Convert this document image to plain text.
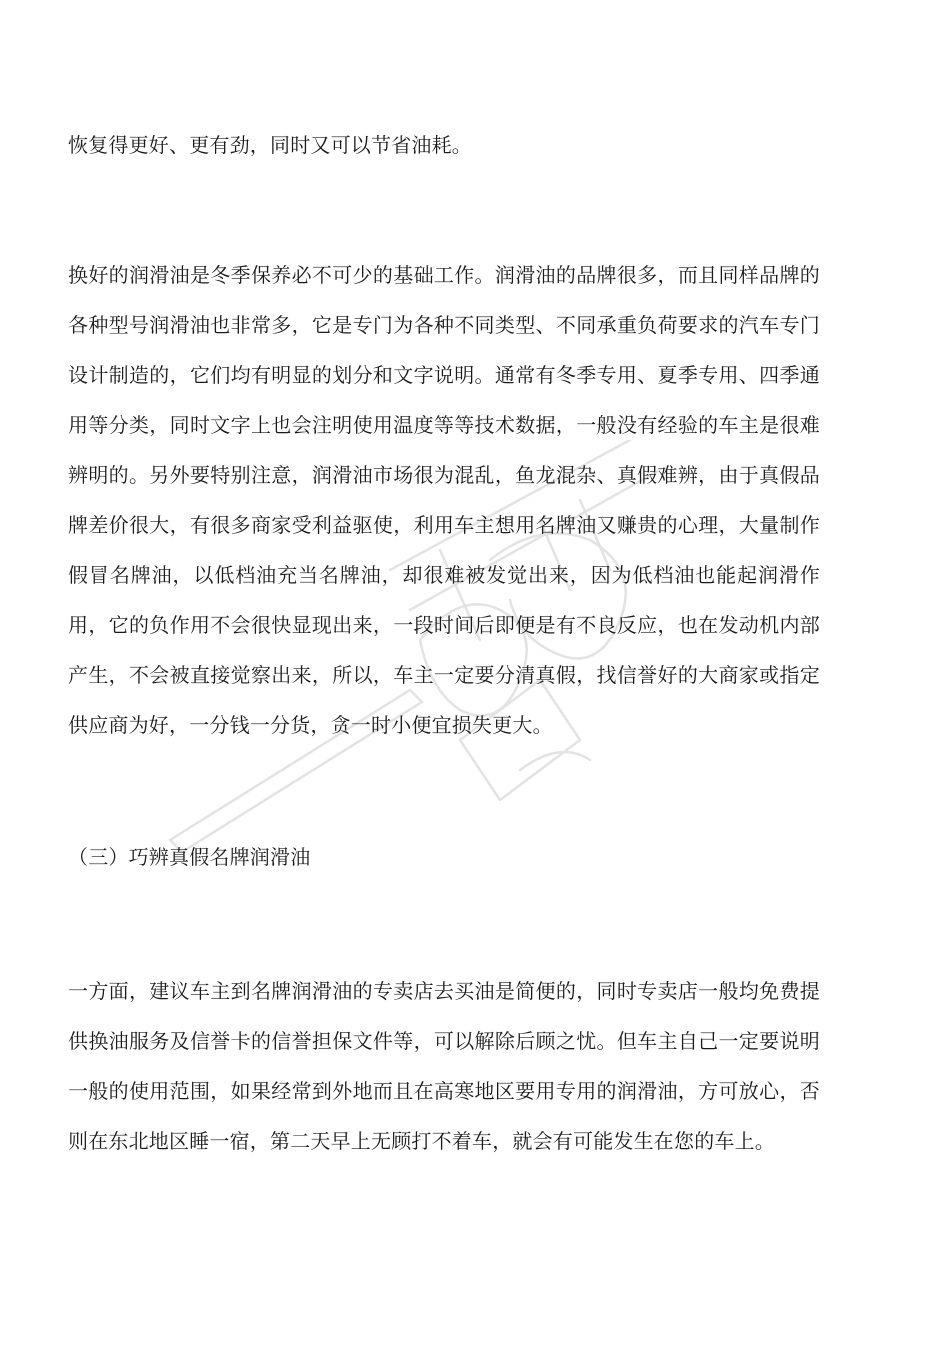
恢复得更好、更有劲，同时又可以节省油耗。

换好的润滑油是冬季保养必不可少的基础工作。润滑油的品牌很多，而且同样品牌的各种型号润滑油也非常多，它是专门为各种不同类型、不同承重负荷要求的汽车专门设计制造的，它们均有明显的划分和文字说明。通常有冬季专用、夏季专用、四季通用等分类，同时文字上也会注明使用温度等等技术数据，一般没有经验的车主是很难辨明的。另外要特别注意，润滑油市场很为混乱，鱼龙混杂、真假难辨，由于真假品牌差价很大，有很多商家受利益驱使，利用车主想用名牌油又赚贵的心理，大量制作假冒名牌油，以低档油充当名牌油，却很难被发觉出来，因为低档油也能起润滑作用，它的负作用不会很快显现出来，一段时间后即便是有不良反应，也在发动机内部产生，不会被直接觉察出来，所以，车主一定要分清真假，找信誉好的大商家或指定供应商为好，一分钱一分货，贪一时小便宜损失更大。

（三）巧辨真假名牌润滑油

一方面，建议车主到名牌润滑油的专卖店去买油是简便的，同时专卖店一般均免费提供换油服务及信誉卡的信誉担保文件等，可以解除后顾之忧。但车主自己一定要说明一般的使用范围，如果经常到外地而且在高寒地区要用专用的润滑油，方可放心，否则在东北地区睡一宿，第二天早上无顾打不着车，就会有可能发生在您的车上。
